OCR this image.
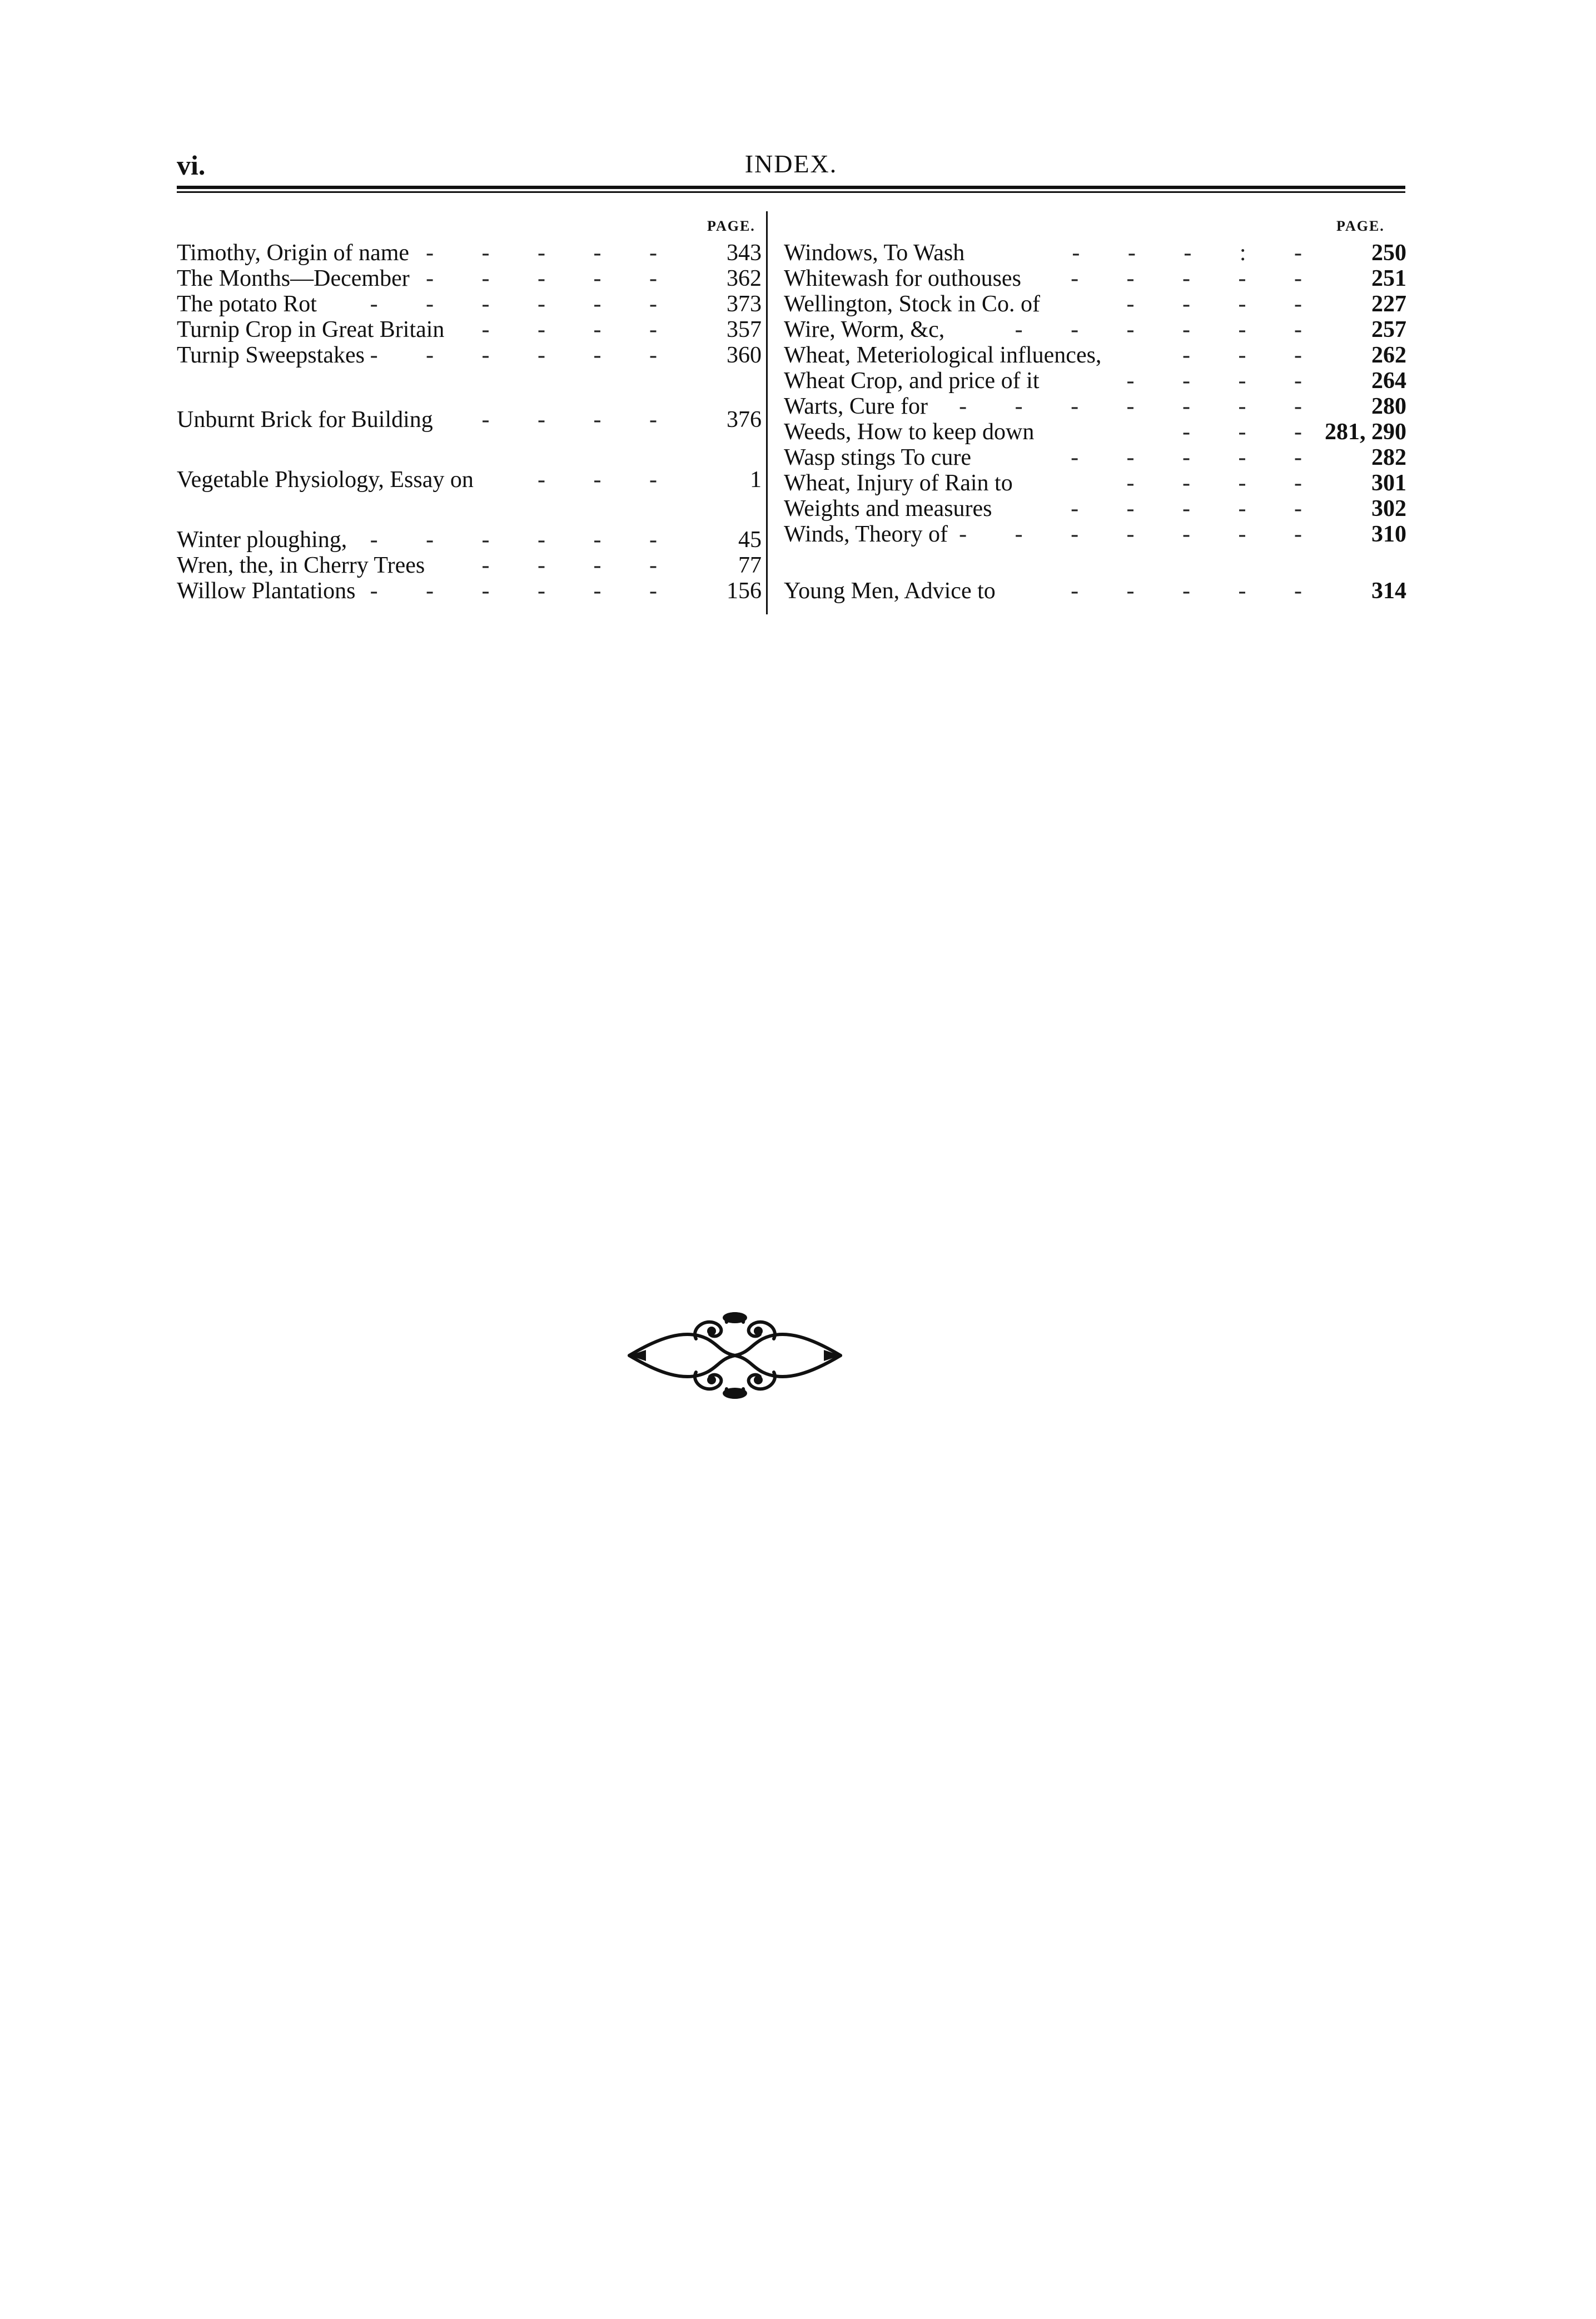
vi.	INDEX.
PAGE.	PAGE.
Timothy, Origin of name - - - - - 343
The Months—December - - - - - 362
The potato Rot	- - - - - - 373
Turnip Crop in Great Britain	- - - - 357
Turnip Sweepstakes - - - - - - 360
Unburnt Brick for Building	- - - - 376
Vegetable Physiology, Essay on	- - -	1
Winter ploughing, - - - - - -	45
Wren, the, in Cherry Trees	- - - -	77
Willow Plantations - - - - - - 156
Windows, To Wash	- - - : - 250
Whitewash for outhouses	- - - - - 251
Wellington, Stock in Co. of	- - - - 227
Wire, Worm, &c,	- - - - - - 257
Wheat, Meteriological influences,	- - - 262
Wheat Crop, and price of it	- - - - 264
Warts, Cure for	- - - - - - - 280
Weeds, How to keep down	- - - 281, 290
Wasp stings To cure	- - - - - 282
Wheat, Injury of Rain to	- - - - 301
Weights and measures	- - - - - 302
Winds, Theory of - - - - - - - 310
Young Men, Advice to	- - - - - 314
